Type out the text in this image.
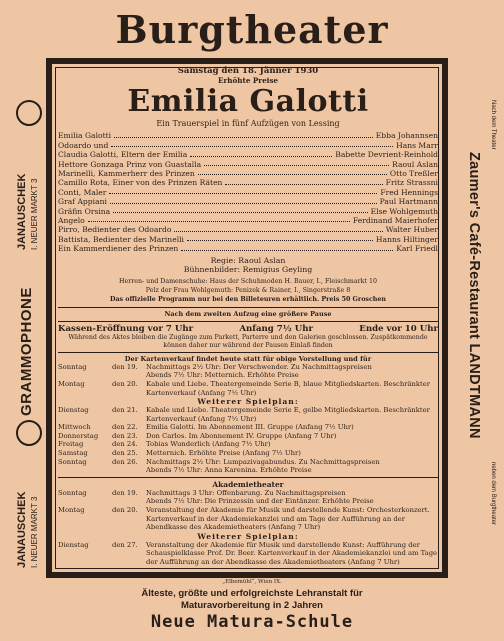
Burgtheater
Samstag den 18. Jänner 1930
Erhöhte Preise
Emilia Galotti
Ein Trauerspiel in fünf Aufzügen von Lessing
Emilia Galotti	Ebba Johannsen
Odoardo und	Hans Marr
Claudia Galotti, Eltern der Emilia	Babette Devrient-Reinhold
Hettore Gonzaga Prinz von Guastalla	Raoul Aslan
Marinelli, Kammerherr des Prinzen	Otto Treßler
Camillo Rota, Einer von des Prinzen Räten	Fritz Strassni
Conti, Maler	Fred Hennings
Graf Appiani	Paul Hartmann
Gräfin Orsina	Else Wohlgemuth
Angelo	Ferdinand Maierhofer
Pirro, Bedienter des Odoardo	Walter Huber
Battista, Bedienter des Marinelli	Hanns Hiltinger
Ein Kammerdiener des Prinzen	Karl Friedl
Regie: Raoul Aslan
Bühnenbilder: Remigius Geyling
Herren- und Damenschuhe: Haus der Schuhmoden H. Bauer, I., Fleischmarkt 10
Pelz der Frau Wohlgemuth: Penizek & Rainer, I., Singerstraße 8
Das offizielle Programm nur bei den Billeteuren erhältlich. Preis 50 Groschen
Nach dem zweiten Aufzug eine größere Pause
Kassen-Eröffnung vor 7 Uhr	Anfang 7½ Uhr	Ende vor 10 Uhr
Während des Aktes bleiben die Zugänge zum Parkett, Parterre und den Galerien geschlossen. Zuspätkommende können daher nur während der Pausen Einlaß finden
Der Kartenverkauf findet heute statt für obige Vorstellung und für
Sonntag	den 19.	Nachmittags 2½ Uhr: Der Verschwender. Zu Nachmittagspreisen
Abends 7½ Uhr: Metternich. Erhöhte Preise
Montag	den 20.	Kabale und Liebe. Theatergemeinde Serie B, blaue Mitgliedskarten. Beschränkter Kartenverkauf (Anfang 7½ Uhr)
Weiterer Spielplan:
Dienstag	den 21.	Kabale und Liebe. Theatergemeinde Serie E, gelbe Mitgliedskarten. Beschränkter Kartenverkauf (Anfang 7½ Uhr)
Mittwoch	den 22.	Emilia Galotti. Im Abonnement III. Gruppe (Anfang 7½ Uhr)
Donnerstag	den 23.	Don Carlos. Im Abonnement IV. Gruppe (Anfang 7 Uhr)
Freitag	den 24.	Tobias Wunderlich (Anfang 7½ Uhr)
Samstag	den 25.	Metternich. Erhöhte Preise (Anfang 7½ Uhr)
Sonntag	den 26.	Nachmittags 2½ Uhr: Lumpazivagabundus. Zu Nachmittagspreisen
Abends 7½ Uhr: Anna Karenina. Erhöhte Preise
Akademietheater
Sonntag	den 19.	Nachmittags 3 Uhr: Offenbarung. Zu Nachmittagspreisen
Abends 7½ Uhr: Die Prinzessin und der Eintänzer. Erhöhte Preise
Montag	den 20.	Veranstaltung der Akademie für Musik und darstellende Kunst: Orchesterkonzert. Kartenverkauf in der Akademiekanzlei und am Tage der Aufführung an der Abendkasse des Akademietheaters (Anfang 7 Uhr)
Weiterer Spielplan:
Dienstag	den 27.	Veranstaltung der Akademie für Musik und darstellende Kunst: Aufführung der Schauspielklasse Prof. Dr. Beer. Kartenverkauf in der Akademiekanzlei und am Tage der Aufführung an der Abendkasse des Akademietheaters (Anfang 7 Uhr)
„Elbemühl“, Wien IX.
JANAUSCHEK I. NEUER MARKT 3
GRAMMOPHONE
JANAUSCHEK I. NEUER MARKT 3
Nach dem Theater
Zaumer's Café-Restaurant LANDTMANN
neben dem Burgtheater
Älteste, größte und erfolgreichste Lehranstalt für
Maturavorbereitung in 2 Jahren
Neue Matura-Schule
